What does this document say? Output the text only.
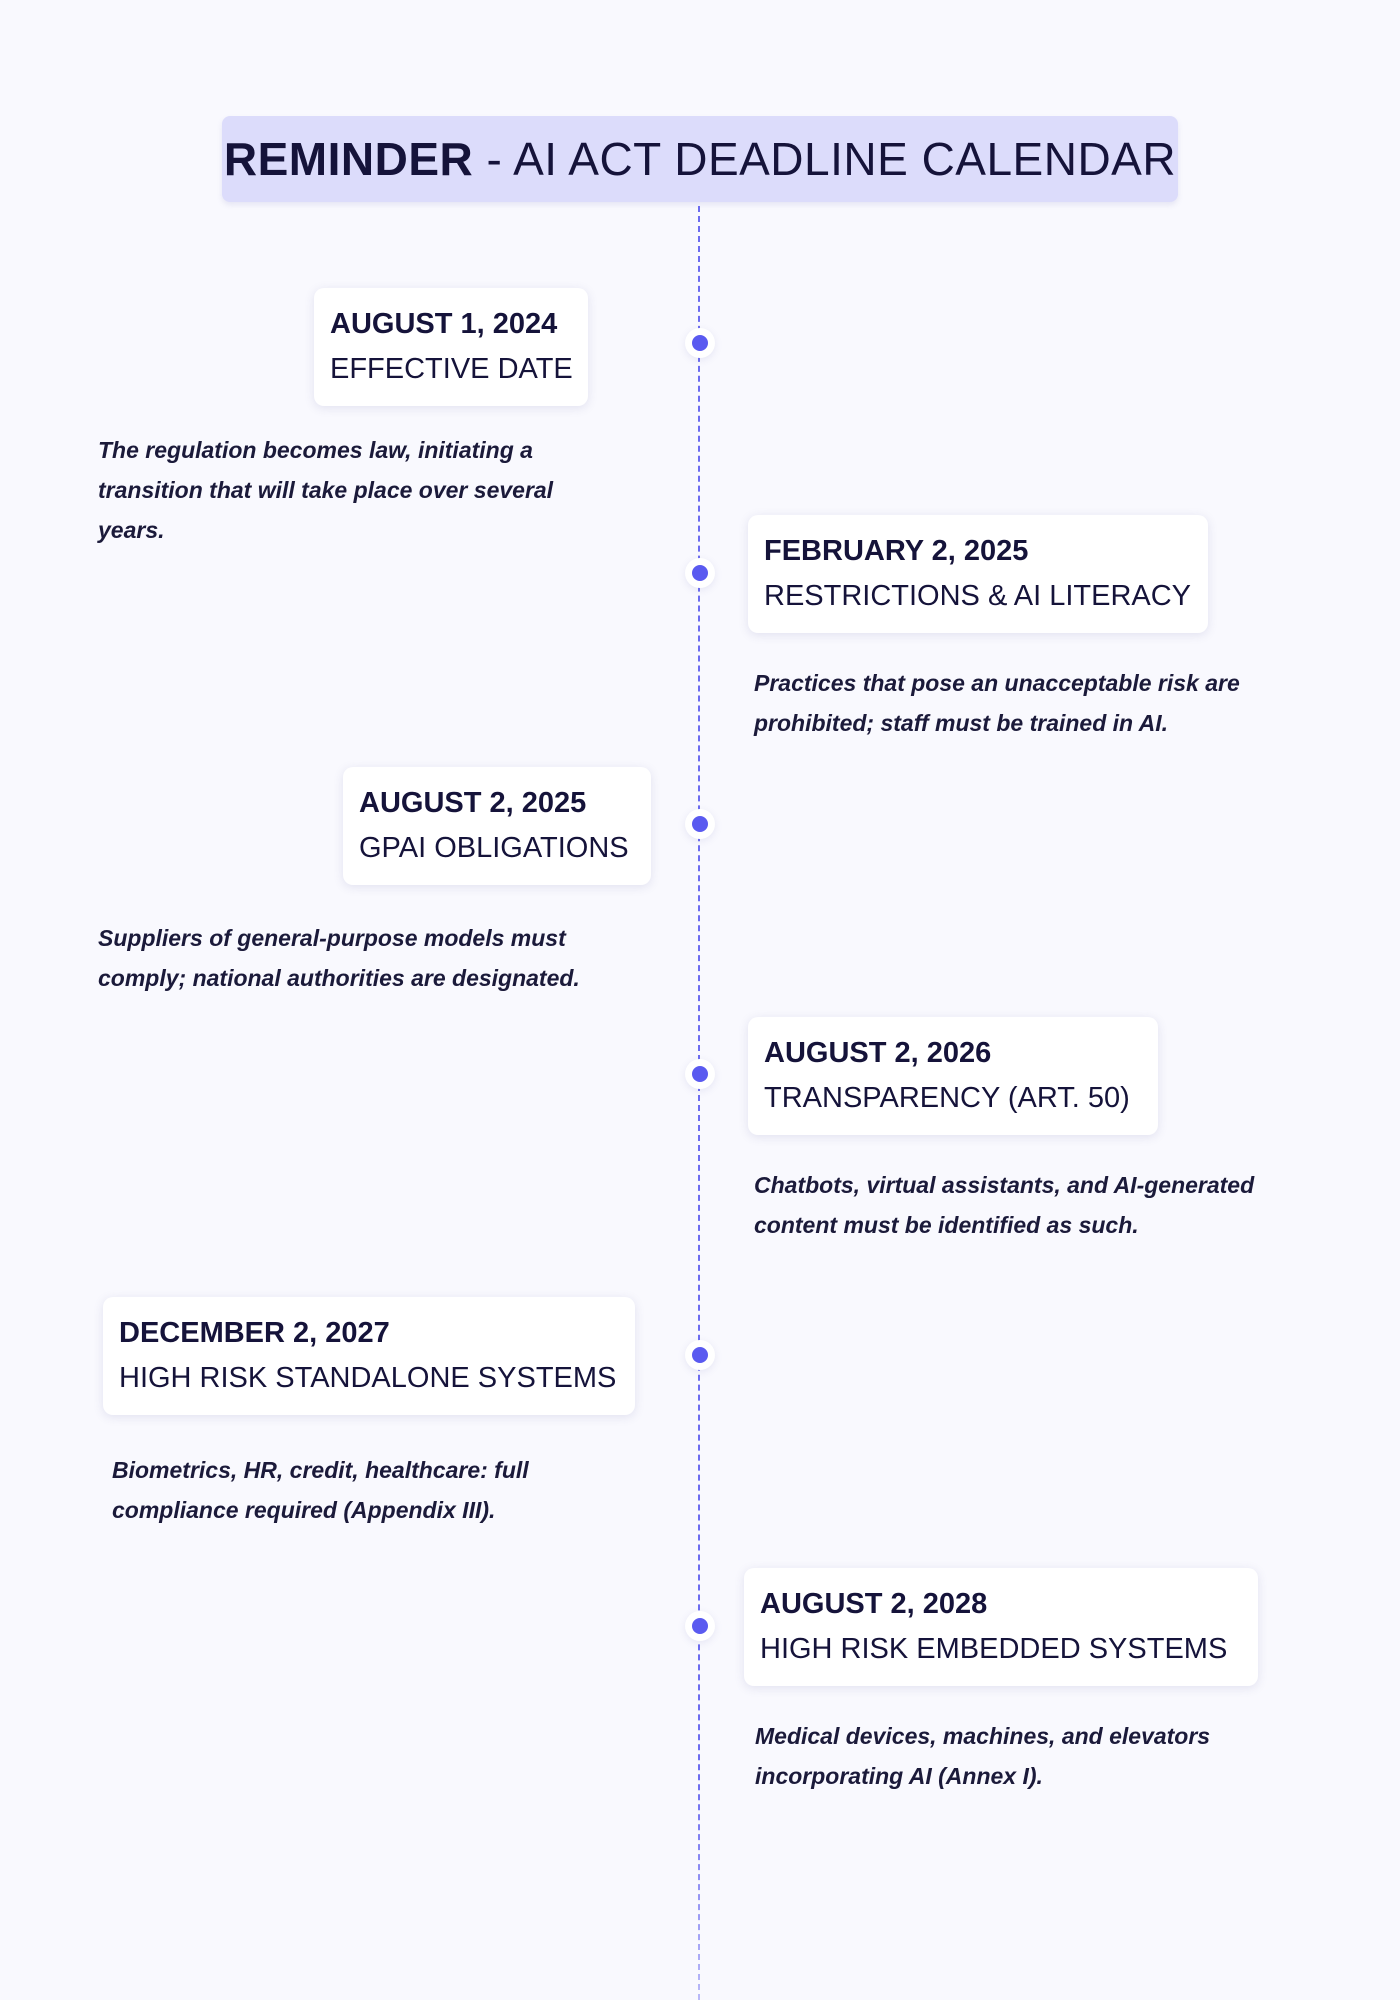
REMINDER - AI ACT DEADLINE CALENDAR
AUGUST 1, 2024
EFFECTIVE DATE
The regulation becomes law, initiating a transition that will take place over several years.
FEBRUARY 2, 2025
RESTRICTIONS & AI LITERACY
Practices that pose an unacceptable risk are prohibited; staff must be trained in AI.
AUGUST 2, 2025
GPAI OBLIGATIONS
Suppliers of general-purpose models must comply; national authorities are designated.
AUGUST 2, 2026
TRANSPARENCY (ART. 50)
Chatbots, virtual assistants, and AI-generated content must be identified as such.
DECEMBER 2, 2027
HIGH RISK STANDALONE SYSTEMS
Biometrics, HR, credit, healthcare: full compliance required (Appendix III).
AUGUST 2, 2028
HIGH RISK EMBEDDED SYSTEMS
Medical devices, machines, and elevators incorporating AI (Annex I).
